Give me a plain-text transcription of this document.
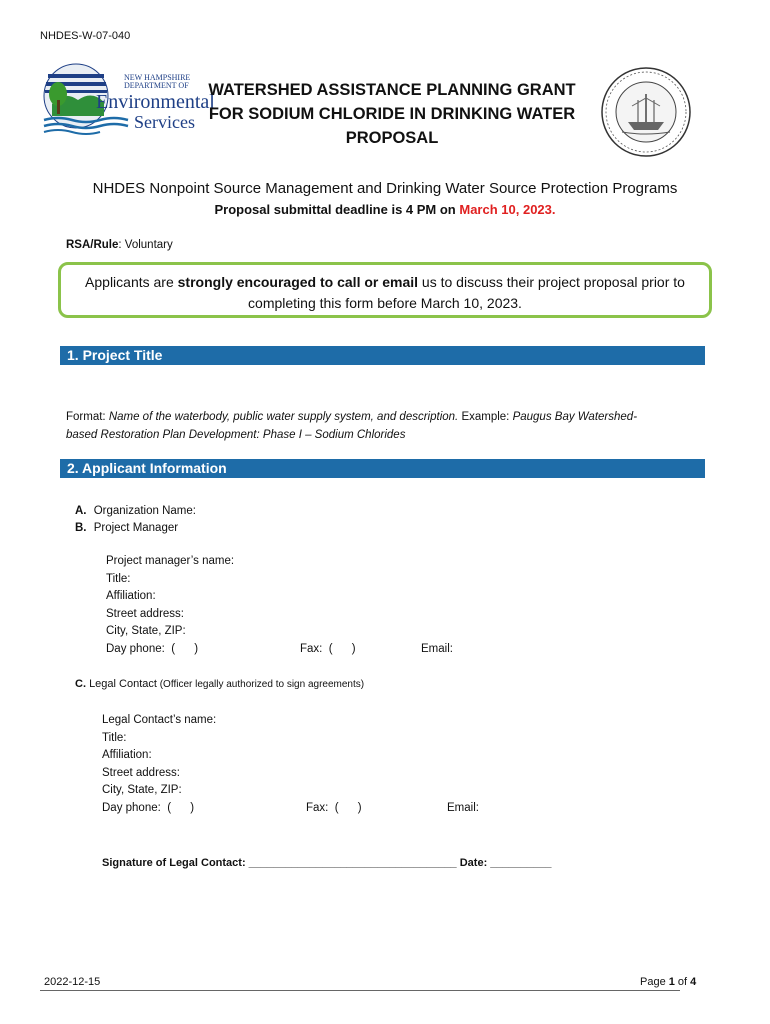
NHDES-W-07-040
NEW HAMPSHIRE
DEPARTMENT OF
Environmental
Services
WATERSHED ASSISTANCE PLANNING GRANT
FOR SODIUM CHLORIDE IN DRINKING WATER
PROPOSAL
NHDES Nonpoint Source Management and Drinking Water Source Protection Programs
Proposal submittal deadline is 4 PM on March 10, 2023.
RSA/Rule: Voluntary
Applicants are strongly encouraged to call or email us to discuss their project proposal prior to
completing this form before March 10, 2023.
1. Project Title
Format: Name of the waterbody, public water supply system, and description. Example: Paugus Bay Watershed-
based Restoration Plan Development: Phase I – Sodium Chlorides
2. Applicant Information
A. Organization Name:
B. Project Manager
Project manager’s name:
Title:
Affiliation:
Street address:
City, State, ZIP:
Day phone:  (      )	Fax:  (      )	Email:
C. Legal Contact (Officer legally authorized to sign agreements)
Legal Contact’s name:
Title:
Affiliation:
Street address:
City, State, ZIP:
Day phone:  (      )	Fax:  (      )	Email:
Signature of Legal Contact: __________________________________ Date: __________
2022-12-15	Page 1 of 4
